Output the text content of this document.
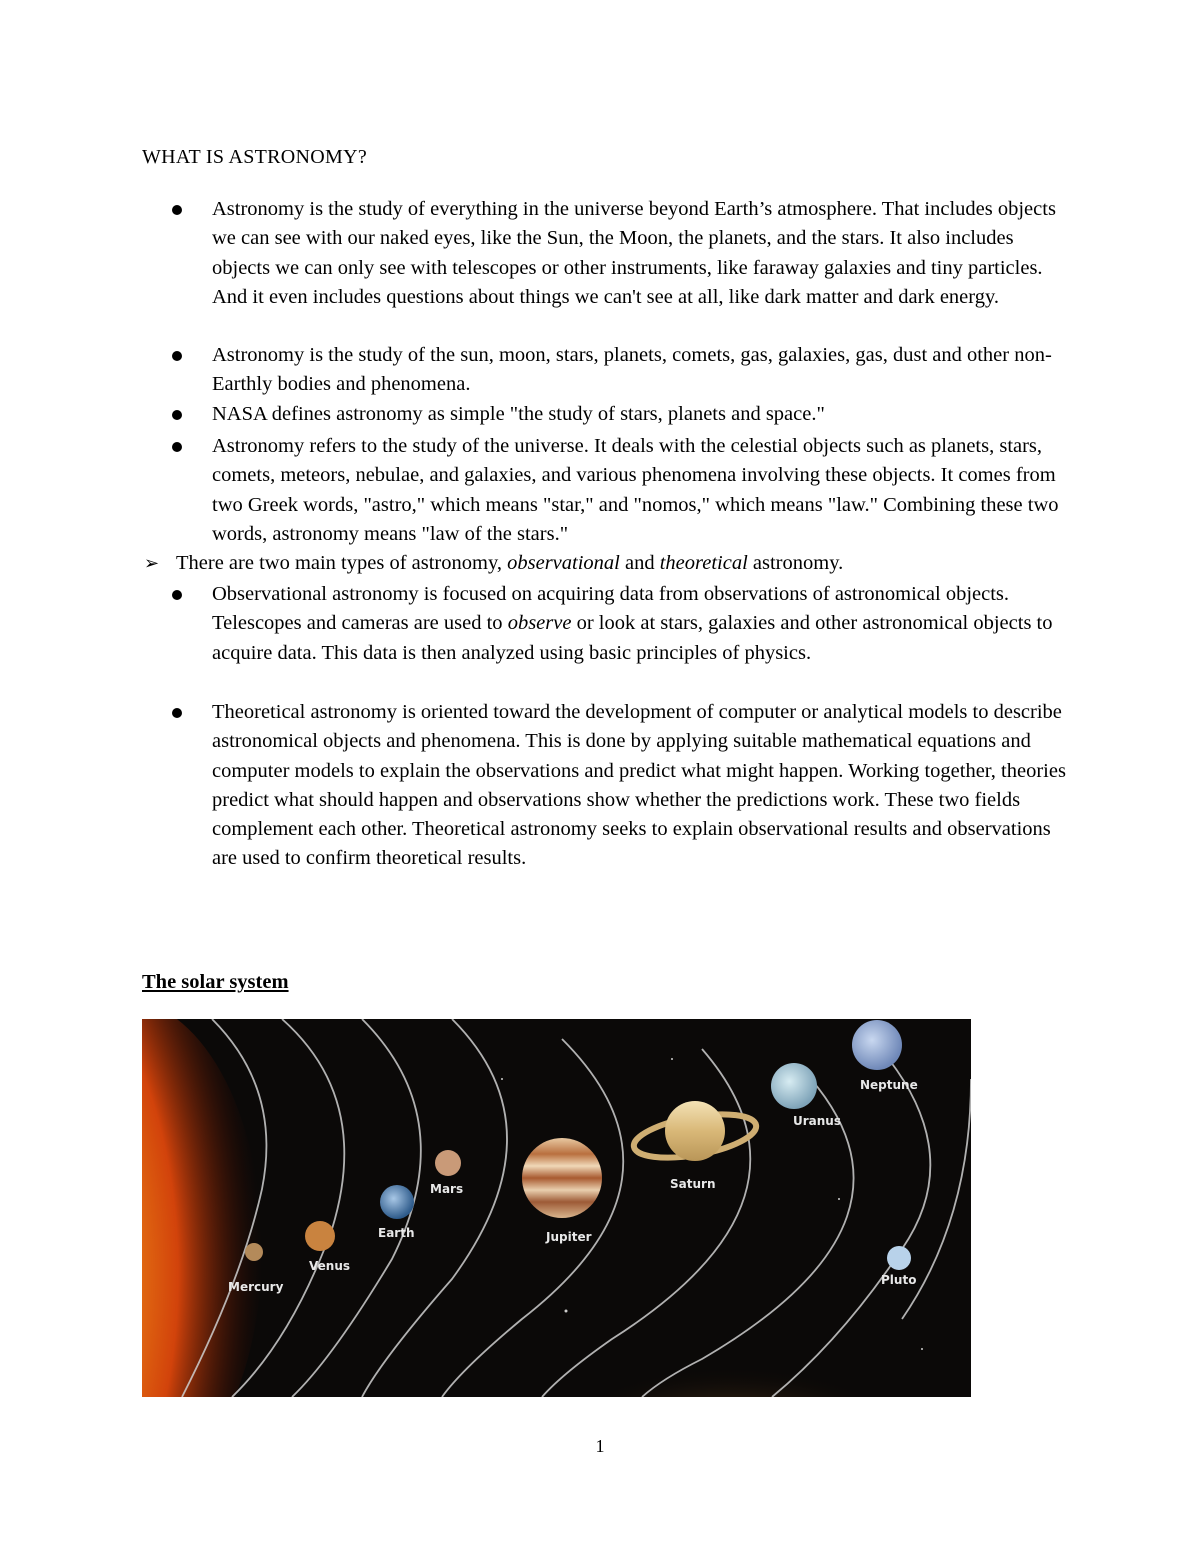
WHAT IS ASTRONOMY?

Astronomy is the study of everything in the universe beyond Earth’s atmosphere. That includes objects we can see with our naked eyes, like the Sun, the Moon, the planets, and the stars. It also includes objects we can only see with telescopes or other instruments, like faraway galaxies and tiny particles. And it even includes questions about things we can't see at all, like dark matter and dark energy.

Astronomy is the study of the sun, moon, stars, planets, comets, gas, galaxies, gas, dust and other non-Earthly bodies and phenomena.

NASA defines astronomy as simple "the study of stars, planets and space."

Astronomy refers to the study of the universe. It deals with the celestial objects such as planets, stars, comets, meteors, nebulae, and galaxies, and various phenomena involving these objects. It comes from two Greek words, "astro," which means "star," and "nomos," which means "law." Combining these two words, astronomy means "law of the stars."

➢ There are two main types of astronomy, observational and theoretical astronomy.

Observational astronomy is focused on acquiring data from observations of astronomical objects. Telescopes and cameras are used to observe or look at stars, galaxies and other astronomical objects to acquire data. This data is then analyzed using basic principles of physics.

Theoretical astronomy is oriented toward the development of computer or analytical models to describe astronomical objects and phenomena. This is done by applying suitable mathematical equations and computer models to explain the observations and predict what might happen. Working together, theories predict what should happen and observations show whether the predictions work. These two fields complement each other. Theoretical astronomy seeks to explain observational results and observations are used to confirm theoretical results.

The solar system
Mercury
Venus
Earth
Mars
Jupiter
Saturn
Uranus
Neptune
Pluto
1
